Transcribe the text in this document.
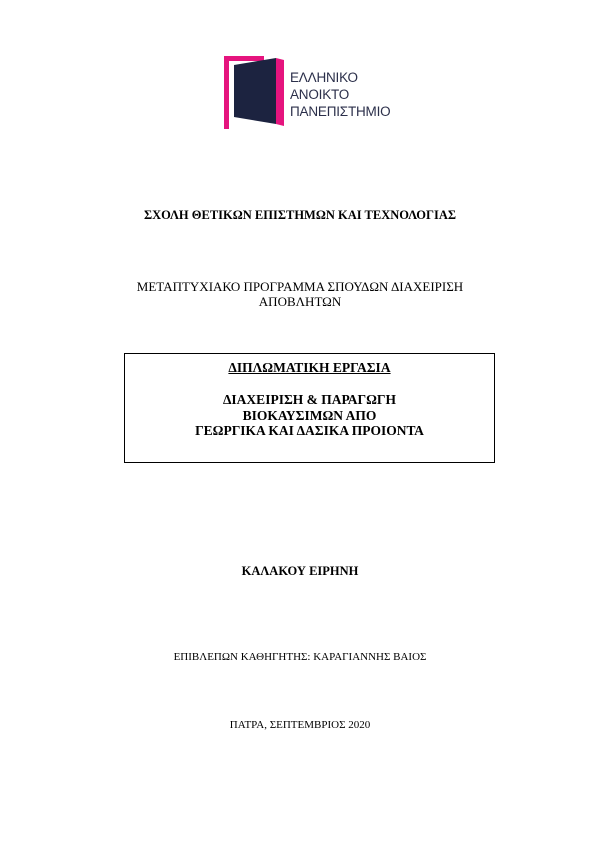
ΕΛΛΗΝΙΚΟ
ΑΝΟΙΚΤΟ
ΠΑΝΕΠΙΣΤΗΜΙΟ
ΣΧΟΛΗ ΘΕΤΙΚΩΝ ΕΠΙΣΤΗΜΩΝ ΚΑΙ ΤΕΧΝΟΛΟΓΙΑΣ
ΜΕΤΑΠΤΥΧΙΑΚΟ ΠΡΟΓΡΑΜΜΑ ΣΠΟΥΔΩΝ ΔΙΑΧΕΙΡΙΣΗ
ΑΠΟΒΛΗΤΩΝ
ΔΙΠΛΩΜΑΤΙΚΗ ΕΡΓΑΣΙΑ
ΔΙΑΧΕΙΡΙΣΗ & ΠΑΡΑΓΩΓΗ
ΒΙΟΚΑΥΣΙΜΩΝ ΑΠΟ
ΓΕΩΡΓΙΚΑ ΚΑΙ ΔΑΣΙΚΑ ΠΡΟΙΟΝΤΑ
ΚΑΛΑΚΟΥ ΕΙΡΗΝΗ
ΕΠΙΒΛΕΠΩΝ ΚΑΘΗΓΗΤΗΣ: ΚΑΡΑΓΙΑΝΝΗΣ ΒΑΙΟΣ
ΠΑΤΡΑ, ΣΕΠΤΕΜΒΡΙΟΣ 2020
